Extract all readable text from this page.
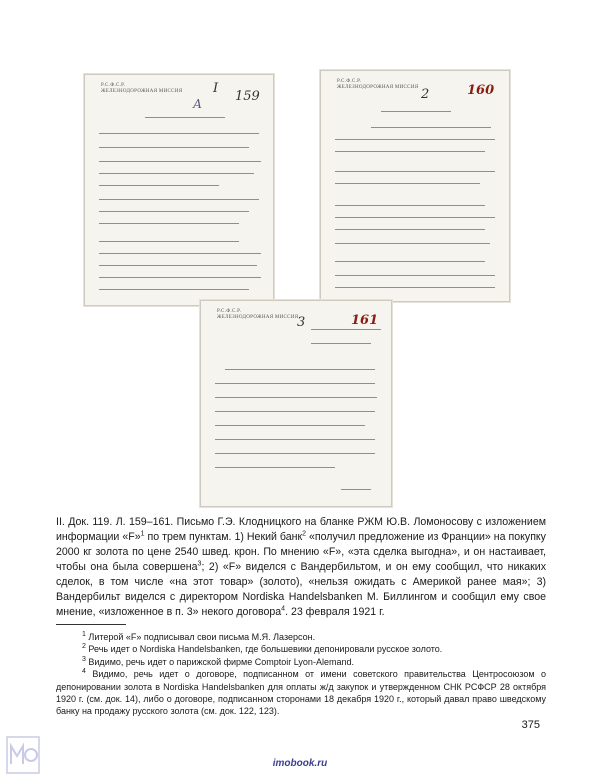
Р.С.Ф.С.Р.
ЖЕЛЕЗНОДОРОЖНАЯ МИССИЯ
А
I
159
Р.С.Ф.С.Р.
ЖЕЛЕЗНОДОРОЖНАЯ МИССИЯ 2	160
Р.С.Ф.С.Р.
ЖЕЛЕЗНОДОРОЖНАЯ МИССИЯ
3	161
II. Док. 119. Л. 159–161. Письмо Г.Э. Клодницкого на бланке РЖМ Ю.В. Ломоносову с изложением информации «F»$^1$ по трем пунктам. 1) Некий банк$^2$ «получил предложение из Франции» на покупку 2000 кг золота по цене 2540 швед. крон. По мнению «F», «эта сделка выгодна», и он настаивает, чтобы она была совершена$^3$; 2) «F» виделся с Вандербильтом, и он ему сообщил, что никаких сделок, в том числе «на этот товар» (золото), «нельзя ожидать с Америкой ранее мая»; 3) Вандербильт виделся с директором Nordiska Handelsbanken M. Биллингом и сообщил ему свое мнение, «изложенное в п. 3» некого договора$^4$. 23 февраля 1921 г.
$^1$ Литерой «F» подписывал свои письма М.Я. Лазерсон.
$^2$ Речь идет о Nordiska Handelsbanken, где большевики депонировали русское золото.
$^3$ Видимо, речь идет о парижской фирме Comptoir Lyon-Alemand.
$^4$ Видимо, речь идет о договоре, подписанном от имени советского правительства Центросоюзом о депонировании золота в Nordiska Handelsbanken для оплаты ж/д закупок и утвержденном СНК РСФСР 28 октября 1920 г. (см. док. 14), либо о договоре, подписанном сторонами 18 декабря 1920 г., который давал право шведскому банку на продажу русского золота (см. док. 122, 123).
375
imobook.ru
